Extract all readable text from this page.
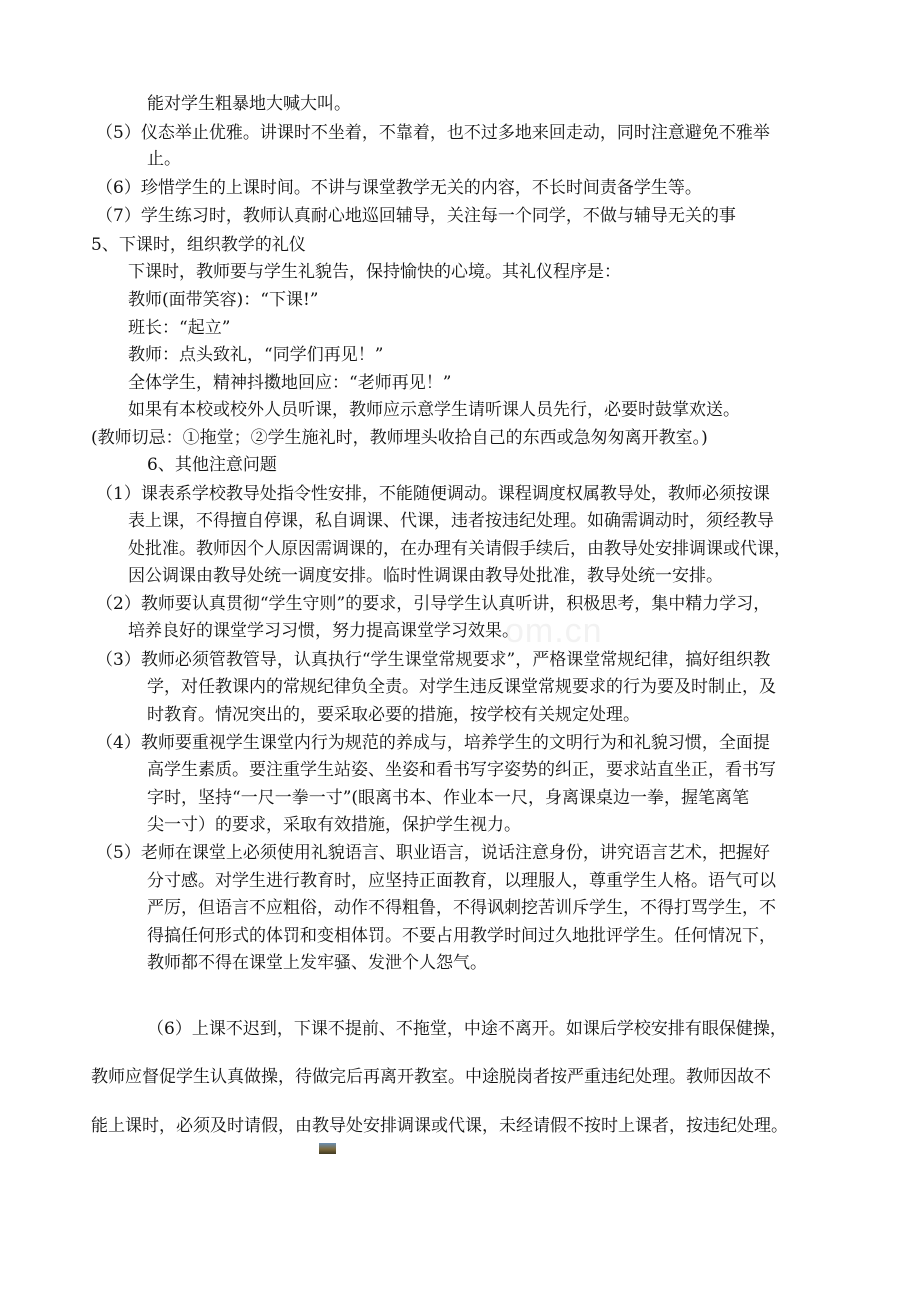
om.cn
能对学生粗暴地大喊大叫。
（5）仪态举止优雅。讲课时不坐着，不靠着，也不过多地来回走动，同时注意避免不雅举
止。
（6）珍惜学生的上课时间。不讲与课堂教学无关的内容，不长时间责备学生等。
（7）学生练习时，教师认真耐心地巡回辅导，关注每一个同学，不做与辅导无关的事
5、下课时，组织教学的礼仪
下课时，教师要与学生礼貌告，保持愉快的心境。其礼仪程序是：
教师(面带笑容)：“下课!”
班长：“起立”
教师：点头致礼，“同学们再见！”
全体学生，精神抖擞地回应：“老师再见！”
如果有本校或校外人员听课，教师应示意学生请听课人员先行，必要时鼓掌欢送。
(教师切忌：①拖堂；②学生施礼时，教师埋头收拾自己的东西或急匆匆离开教室。)
6、其他注意问题
（1）课表系学校教导处指令性安排，不能随便调动。课程调度权属教导处，教师必须按课
表上课，不得擅自停课，私自调课、代课，违者按违纪处理。如确需调动时，须经教导
处批准。教师因个人原因需调课的，在办理有关请假手续后，由教导处安排调课或代课，
因公调课由教导处统一调度安排。临时性调课由教导处批准，教导处统一安排。
（2）教师要认真贯彻“学生守则”的要求，引导学生认真听讲，积极思考，集中精力学习，
培养良好的课堂学习习惯，努力提高课堂学习效果。
（3）教师必须管教管导，认真执行“学生课堂常规要求”，严格课堂常规纪律，搞好组织教
学，对任教课内的常规纪律负全责。对学生违反课堂常规要求的行为要及时制止，及
时教育。情况突出的，要采取必要的措施，按学校有关规定处理。
（4）教师要重视学生课堂内行为规范的养成与，培养学生的文明行为和礼貌习惯，全面提
高学生素质。要注重学生站姿、坐姿和看书写字姿势的纠正，要求站直坐正，看书写
字时，坚持“一尺一拳一寸”(眼离书本、作业本一尺，身离课桌边一拳，握笔离笔
尖一寸）的要求，采取有效措施，保护学生视力。
（5）老师在课堂上必须使用礼貌语言、职业语言，说话注意身份，讲究语言艺术，把握好
分寸感。对学生进行教育时，应坚持正面教育，以理服人，尊重学生人格。语气可以
严厉，但语言不应粗俗，动作不得粗鲁，不得讽刺挖苦训斥学生，不得打骂学生，不
得搞任何形式的体罚和变相体罚。不要占用教学时间过久地批评学生。任何情况下，
教师都不得在课堂上发牢骚、发泄个人怨气。
（6）上课不迟到，下课不提前、不拖堂，中途不离开。如课后学校安排有眼保健操，
教师应督促学生认真做操，待做完后再离开教室。中途脱岗者按严重违纪处理。教师因故不
能上课时，必须及时请假，由教导处安排调课或代课，未经请假不按时上课者，按违纪处理。
